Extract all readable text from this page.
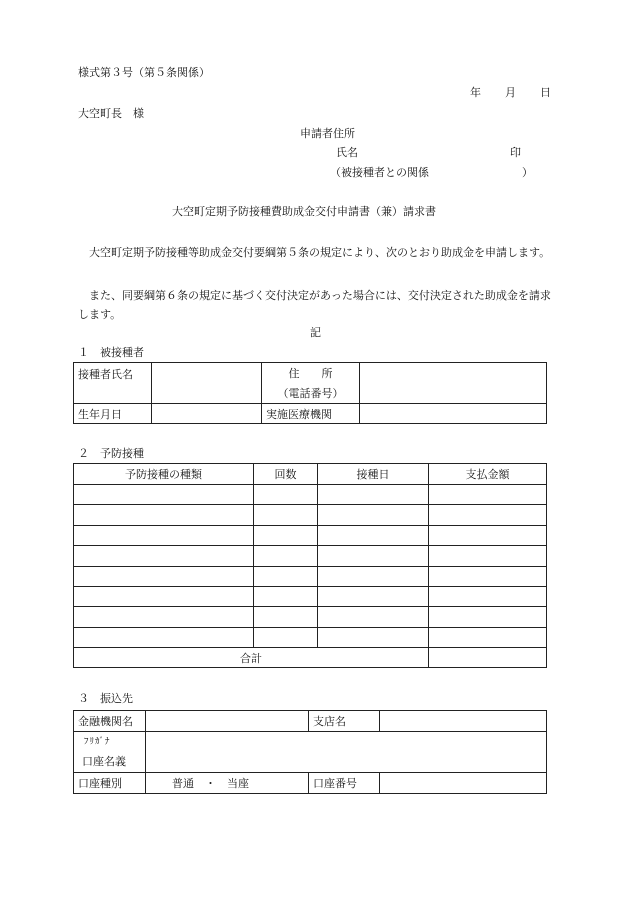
様式第３号（第５条関係）
年 月 日
大空町長　様
申請者住所
氏名	印
（被接種者との関係	）
大空町定期予防接種費助成金交付申請書（兼）請求書
大空町定期予防接種等助成金交付要綱第５条の規定により、次のとおり助成金を申請します。
また、同要綱第６条の規定に基づく交付決定があった場合には、交付決定された助成金を請求します。
記
１　被接種者
接種者氏名		住　　所	
		（電話番号）	
生年月日		実施医療機関	
２　予防接種
予防接種の種類	回数	接種日	支払金額

合計			
３　振込先
金融機関名		支店名	

ﾌﾘｶﾞﾅ
口座名義			

口座種別	普通　・　当座	口座番号	
